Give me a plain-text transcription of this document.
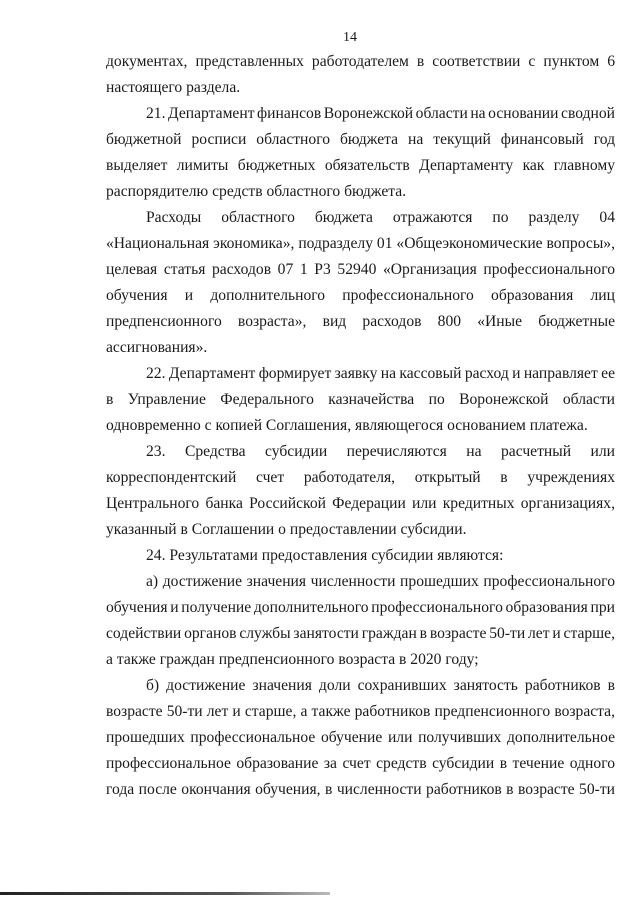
14
документах, представленных работодателем в соответствии с пунктом 6
настоящего раздела.
21. Департамент финансов Воронежской области на основании сводной
бюджетной росписи областного бюджета на текущий финансовый год
выделяет лимиты бюджетных обязательств Департаменту как главному
распорядителю средств областного бюджета.
Расходы областного бюджета отражаются по разделу 04
«Национальная экономика», подразделу 01 «Общеэкономические вопросы»,
целевая статья расходов 07 1 Р3 52940 «Организация профессионального
обучения и дополнительного профессионального образования лиц
предпенсионного возраста», вид расходов 800 «Иные бюджетные
ассигнования».
22. Департамент формирует заявку на кассовый расход и направляет ее
в Управление Федерального казначейства по Воронежской области
одновременно с копией Соглашения, являющегося основанием платежа.
23. Средства субсидии перечисляются на расчетный или
корреспондентский счет работодателя, открытый в учреждениях
Центрального банка Российской Федерации или кредитных организациях,
указанный в Соглашении о предоставлении субсидии.
24. Результатами предоставления субсидии являются:
а) достижение значения численности прошедших профессионального
обучения и получение дополнительного профессионального образования при
содействии органов службы занятости граждан в возрасте 50-ти лет и старше,
а также граждан предпенсионного возраста в 2020 году;
б) достижение значения доли сохранивших занятость работников в
возрасте 50-ти лет и старше, а также работников предпенсионного возраста,
прошедших профессиональное обучение или получивших дополнительное
профессиональное образование за счет средств субсидии в течение одного
года после окончания обучения, в численности работников в возрасте 50-ти
